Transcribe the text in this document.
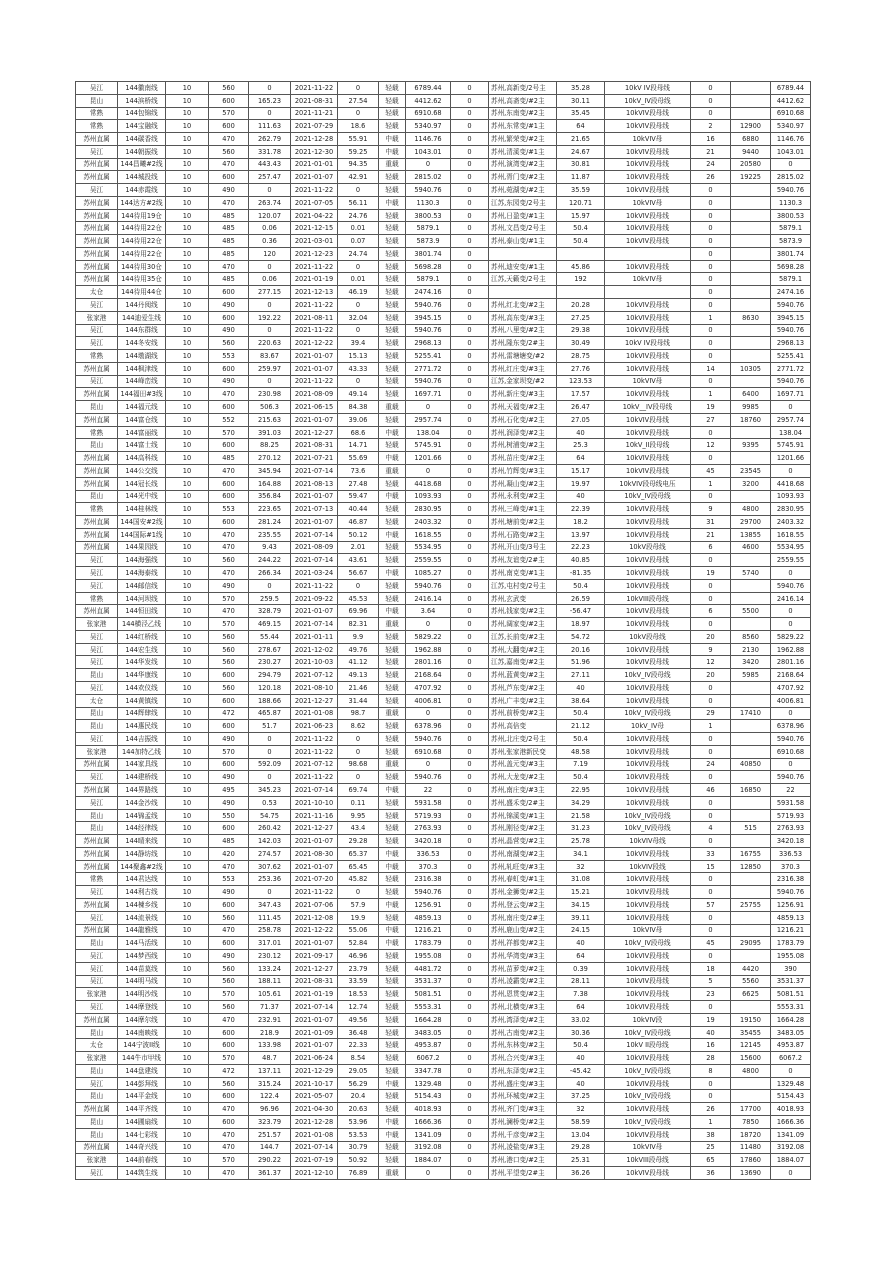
吴江	144徽南线	10	560	0	2021-11-22	0	轻载	6789.44	0	苏州,高新变/2号主	35.28	10kV IV段母线	0		6789.44
昆山	144滨桥线	10	600	165.23	2021-08-31	27.54	轻载	4412.62	0	苏州,高斋变/#2主	30.11	10kV_IV段母线	0		4412.62
常熟	144包锦线	10	570	0	2021-11-21	0	轻载	6910.68	0	苏州,东南变/#2主	35.45	10kVIV段母线	0		6910.68
常熟	144宝融线	10	600	111.63	2021-07-29	18.6	轻载	5340.97	0	苏州,东常变/#1主	64	10kVIV段母线	2	12900	5340.97
苏州直属	144碳香线	10	470	262.79	2021-12-28	55.91	中载	1146.76	0	苏州,繁荣变/#2主	21.65	10kVIV母	16	6880	1146.76
吴江	144朝振线	10	560	331.78	2021-12-30	59.25	中载	1043.01	0	苏州,清溪变/#1主	24.67	10kVIV段母线	21	9440	1043.01
苏州直属	144昌曦#2线	10	470	443.43	2021-01-01	94.35	重载	0	0	苏州,演湾变/#2主	30.81	10kVIV段母线	24	20580	0
苏州直属	144城投线	10	600	257.47	2021-01-07	42.91	轻载	2815.02	0	苏州,胥门变/#2主	11.87	10kVIV段母线	26	19225	2815.02
吴江	144赤霞线	10	490	0	2021-11-22	0	轻载	5940.76	0	苏州,菀湖变/#2主	35.59	10kVIV段母线	0		5940.76
苏州直属	144达方#2线	10	470	263.74	2021-07-05	56.11	中载	1130.3	0	江苏,东园变/2号主	120.71	10kVIV母	0		1130.3
苏州直属	144待用19仓	10	485	120.07	2021-04-22	24.76	轻载	3800.53	0	苏州,日盈变/#1主	15.97	10kVIV段母线	0		3800.53
苏州直属	144待用22仓	10	485	0.06	2021-12-15	0.01	轻载	5879.1	0	苏州,文昌变/2号主	50.4	10kVIV段母线	0		5879.1
苏州直属	144待用22仓	10	485	0.36	2021-03-01	0.07	轻载	5873.9	0	苏州,泰山变/#1主	50.4	10kVIV段母线	0		5873.9
苏州直属	144待用22仓	10	485	120	2021-12-23	24.74	轻载	3801.74	0				0		3801.74
苏州直属	144待用30仓	10	470	0	2021-11-22	0	轻载	5698.28	0	苏州,迪安变/#1主	45.86	10kVIV段母线	0		5698.28
苏州直属	144待用35仓	10	485	0.06	2021-01-19	0.01	轻载	5879.1	0	江苏,天籁变/2号主	192	10kVIV母	0		5879.1
太仓	144待用44仓	10	600	277.15	2021-12-13	46.19	轻载	2474.16	0				0		2474.16
吴江	144丹阅线	10	490	0	2021-11-22	0	轻载	5940.76	0	苏州,红北变/#2主	20.28	10kVIV段母线	0		5940.76
张家港	144迪爱生线	10	600	192.22	2021-08-11	32.04	轻载	3945.15	0	苏州,高东变/#3主	27.25	10kVIV段母线	1	8630	3945.15
吴江	144东群线	10	490	0	2021-11-22	0	轻载	5940.76	0	苏州,八里变/#2主	29.38	10kVIV段母线	0		5940.76
吴江	144冬安线	10	560	220.63	2021-12-22	39.4	轻载	2968.13	0	苏州,隆东变/2#主	30.49	10kV IV段母线	0		2968.13
常熟	144墩湖线	10	553	83.67	2021-01-07	15.13	轻载	5255.41	0	苏州,雷塘塘变/#2	28.75	10kVIV段母线	0		5255.41
苏州直属	144枫津线	10	600	259.97	2021-01-07	43.33	轻载	2771.72	0	苏州,红庄变/#3主	27.76	10kVIV段母线	14	10305	2771.72
吴江	144峰峦线	10	490	0	2021-11-22	0	轻载	5940.76	0	江苏,金家坝变/#2	123.53	10kVIV母	0		5940.76
苏州直属	144福田#3线	10	470	230.98	2021-08-09	49.14	轻载	1697.71	0	苏州,新庄变/#3主	17.57	10kVIV段母线	1	6400	1697.71
昆山	144福元线	10	600	506.3	2021-06-15	84.38	重载	0	0	苏州,天福变/#2主	26.47	10kV__IV段母线	19	9985	0
苏州直属	144富仓线	10	552	215.63	2021-01-07	39.06	轻载	2957.74	0	苏州,石化变/#2主	27.05	10kVIV段母线	27	18760	2957.74
常熟	144富丽线	10	570	391.03	2021-12-27	68.6	中载	138.04	0	苏州,润泽变/#2主	40	10kVIV段母线	0		138.04
昆山	144富士线	10	600	88.25	2021-08-31	14.71	轻载	5745.91	0	苏州,树浦变/#2主	25.3	10kV_II段母线	12	9395	5745.91
苏州直属	144高科线	10	485	270.12	2021-07-21	55.69	中载	1201.66	0	苏州,苗庄变/#2主	64	10kVIV段母线	0		1201.66
苏州直属	144公交线	10	470	345.94	2021-07-14	73.6	重载	0	0	苏州,竹辉变/#3主	15.17	10kVIV段母线	45	23545	0
苏州直属	144冠长线	10	600	164.88	2021-08-13	27.48	轻载	4418.68	0	苏州,凝山变/#2主	19.97	10kVIV段母线电压	1	3200	4418.68
昆山	144光中线	10	600	356.84	2021-01-07	59.47	中载	1093.93	0	苏州,永利变/#2主	40	10kV_IV段母线	0		1093.93
常熟	144桂林线	10	553	223.65	2021-07-13	40.44	轻载	2830.95	0	苏州,三峰变/#1主	22.39	10kVIV段母线	9	4800	2830.95
苏州直属	144国安#2线	10	600	281.24	2021-01-07	46.87	轻载	2403.32	0	苏州,塘前变/#2主	18.2	10kVIV段母线	31	29700	2403.32
苏州直属	144国际#1线	10	470	235.55	2021-07-14	50.12	中载	1618.55	0	苏州,石路变/#2主	13.97	10kVIV段母线	21	13855	1618.55
苏州直属	144果园线	10	470	9.43	2021-08-09	2.01	轻载	5534.95	0	苏州,开山变/3号主	22.23	10kV段母线	6	4600	5534.95
吴江	144海强线	10	560	244.22	2021-07-14	43.61	轻载	2559.55	0	苏州,友谊变/2#主	40.85	10kVIV段母线	0		2559.55
吴江	144海泰线	10	470	266.34	2021-03-24	56.67	中载	1085.27	0	苏州,南克变/#1主	-81.35	10kVIV段母线	19	5740	0
吴江	144邮信线	10	490	0	2021-11-22	0	轻载	5940.76	0	江苏,屯村变/2号主	50.4	10kVIV段母线	0		5940.76
常熟	144河坝线	10	570	259.5	2021-09-22	45.53	轻载	2416.14	0	苏州,玄武变	26.59	10kVIII段母线	0		2416.14
苏州直属	144恒田线	10	470	328.79	2021-01-07	69.96	中载	3.64	0	苏州,钱家变/#2主	-56.47	10kVIV段母线	6	5500	0
张家港	144横泾乙线	10	570	469.15	2021-07-14	82.31	重载	0	0	苏州,阔家变/#2主	18.97	10kVIV段母线	0		0
吴江	144红桥线	10	560	55.44	2021-01-11	9.9	轻载	5829.22	0	江苏,长前变/#2主	54.72	10kV段母线	20	8560	5829.22
吴江	144宏生线	10	560	278.67	2021-12-02	49.76	轻载	1962.88	0	苏州,大翻变/#2主	20.16	10kVIV段母线	9	2130	1962.88
吴江	144华发线	10	560	230.27	2021-10-03	41.12	轻载	2801.16	0	江苏,嘉南变/#2主	51.96	10kVIV段母线	12	3420	2801.16
昆山	144华康线	10	600	294.79	2021-07-12	49.13	轻载	2168.64	0	苏州,蓝黄变/#2主	27.11	10kV_IV段母线	20	5985	2168.64
吴江	144欢仪线	10	560	120.18	2021-08-10	21.46	轻载	4707.92	0	苏州,芦东变/#2主	40	10kVIV段母线	0		4707.92
太仓	144黄镇线	10	600	188.66	2021-12-27	31.44	轻载	4006.81	0	苏州,广丰变/#2主	38.64	10kVIV段母线	0		4006.81
昆山	144辉肆线	10	472	465.87	2021-01-08	98.7	重载	0	0	苏州,前桥变/#2主	50.4	10kV_IV段母线	29	17410	0
昆山	144惠民线	10	600	51.7	2021-06-23	8.62	轻载	6378.96	0	苏州,高倍变	21.12	10kV_IV母	1		6378.96
吴江	144吉振线	10	490	0	2021-11-22	0	轻载	5940.76	0	苏州,北庄变/2号主	50.4	10kVIV段母线	0		5940.76
张家港	144加特乙线	10	570	0	2021-11-22	0	轻载	6910.68	0	苏州,张家港新民变	48.58	10kVIV段母线	0		6910.68
苏州直属	144家具线	10	600	592.09	2021-07-12	98.68	重载	0	0	苏州,盖元变/#3主	7.19	10kVIV段母线	24	40850	0
吴江	144建桥线	10	490	0	2021-11-22	0	轻载	5940.76	0	苏州,大龙变/#2主	50.4	10kVIV段母线	0		5940.76
苏州直属	144界路线	10	495	345.23	2021-07-14	69.74	中载	22	0	苏州,南庄变/#3主	22.95	10kVIV段母线	46	16850	22
吴江	144金沙线	10	490	0.53	2021-10-10	0.11	轻载	5931.58	0	苏州,盛禾变/2#主	34.29	10kVIV段母线	0		5931.58
昆山	144锦孟线	10	550	54.75	2021-11-16	9.95	轻载	5719.93	0	苏州,锦溪变/#1主	21.58	10kV_IV段母线	0		5719.93
昆山	144经律线	10	600	260.42	2021-12-27	43.4	轻载	2763.93	0	苏州,刚径变/#2主	31.23	10kV_IV段母线	4	515	2763.93
苏州直属	144晴来线	10	485	142.03	2021-01-07	29.28	轻载	3420.18	0	苏州,晶营变/#2主	25.78	10kVIV母线	0		3420.18
苏州直属	144静坊线	10	420	274.57	2021-08-30	65.37	中载	336.53	0	苏州,南湖变/#2主	34.1	10kVIV段母线	33	16755	336.53
苏州直属	144聚鑫#2线	10	470	307.62	2021-01-07	65.45	中载	370.3	0	苏州,轧旺变/#3主	32	10kVIV段线	15	12850	370.3
常熟	144君达线	10	553	253.36	2021-07-20	45.82	轻载	2316.38	0	苏州,春虹变/#1主	31.08	10kVIV段母线	0		2316.38
吴江	144利古线	10	490	0	2021-11-22	0	轻载	5940.76	0	苏州,金狮变/#2主	15.21	10kVIV段母线	0		5940.76
苏州直属	144楝乡线	10	600	347.43	2021-07-06	57.9	中载	1256.91	0	苏州,登云变/#2主	34.15	10kVIV段母线	57	25755	1256.91
吴江	144流景线	10	560	111.45	2021-12-08	19.9	轻载	4859.13	0	苏州,南庄变/2#主	39.11	10kVIV段母线	0		4859.13
苏州直属	144龍雅线	10	470	258.78	2021-12-22	55.06	中载	1216.21	0	苏州,鹿山变/#2主	24.15	10kVIV母	0		1216.21
昆山	144马活线	10	600	317.01	2021-01-07	52.84	中载	1783.79	0	苏州,祥都变/#2主	40	10kV_IV段母线	45	29095	1783.79
吴江	144梦西线	10	490	230.12	2021-09-17	46.96	轻载	1955.08	0	苏州,华湾变/#3主	64	10kVIV段母线	0		1955.08
吴江	144苗莫线	10	560	133.24	2021-12-27	23.79	轻载	4481.72	0	苏州,苗萝变/#2主	0.39	10kVIV段母线	18	4420	390
吴江	144明马线	10	560	188.11	2021-08-31	33.59	轻载	3531.37	0	苏州,凌霸变/#2主	28.11	10kVIV段母线	5	5560	3531.37
张家港	144明沙线	10	570	105.61	2021-01-19	18.53	轻载	5081.51	0	苏州,恩贯变/#2主	7.38	10kVIV段母线	23	6625	5081.51
吴江	144摩登线	10	560	71.37	2021-07-14	12.74	轻载	5553.31	0	苏州,北横变/#3主	64	10kVIV段母线	0		5553.31
苏州直属	144摩尔线	10	470	232.91	2021-01-07	49.56	轻载	1664.28	0	苏州,湾泽变/#2主	33.02	10kVIV段	19	19150	1664.28
昆山	144南映线	10	600	218.9	2021-01-09	36.48	轻载	3483.05	0	苏州,古南变/#2主	30.36	10kV_IV段母线	40	35455	3483.05
太仓	144宁波II线	10	600	133.98	2021-01-07	22.33	轻载	4953.87	0	苏州,东林变/#2主	50.4	10kV II段母线	16	12145	4953.87
张家港	144牛市甲线	10	570	48.7	2021-06-24	8.54	轻载	6067.2	0	苏州,合兴变/#3主	40	10kVIV段母线	28	15600	6067.2
昆山	144盘建线	10	472	137.11	2021-12-29	29.05	轻载	3347.78	0	苏州,东泽变/#2主	-45.42	10kV_IV段母线	8	4800	0
吴江	144彭拜线	10	560	315.24	2021-10-17	56.29	中载	1329.48	0	苏州,盛庄变/#3主	40	10kVIV段母线	0		1329.48
昆山	144平金线	10	600	122.4	2021-05-07	20.4	轻载	5154.43	0	苏州,环城变/#2主	37.25	10kV_IV段母线	0		5154.43
苏州直属	144平齐线	10	470	96.96	2021-04-30	20.63	轻载	4018.93	0	苏州,齐门变/#3主	32	10kVIV段母线	26	17700	4018.93
昆山	144圃扇线	10	600	323.79	2021-12-28	53.96	中载	1666.36	0	苏州,澜桥变/#2主	58.59	10kV_IV段母线	1	7850	1666.36
昆山	144七彩线	10	470	251.57	2021-01-08	53.53	中载	1341.09	0	苏州,千彦变/#2主	13.04	10kVIV段母线	38	18720	1341.09
苏州直属	144奇兴线	10	470	144.7	2021-07-14	30.79	轻载	3192.08	0	苏州,凌盐变/#3主	29.28	10kVIV母	25	11480	3192.08
张家港	144前春线	10	570	290.22	2021-07-19	50.92	轻载	1884.07	0	苏州,港口变/#2主	25.31	10kVIII段母线	65	17860	1884.07
吴江	144筑生线	10	470	361.37	2021-12-10	76.89	重载	0	0	苏州,平望变/2#主	36.26	10kVIV段母线	36	13690	0
